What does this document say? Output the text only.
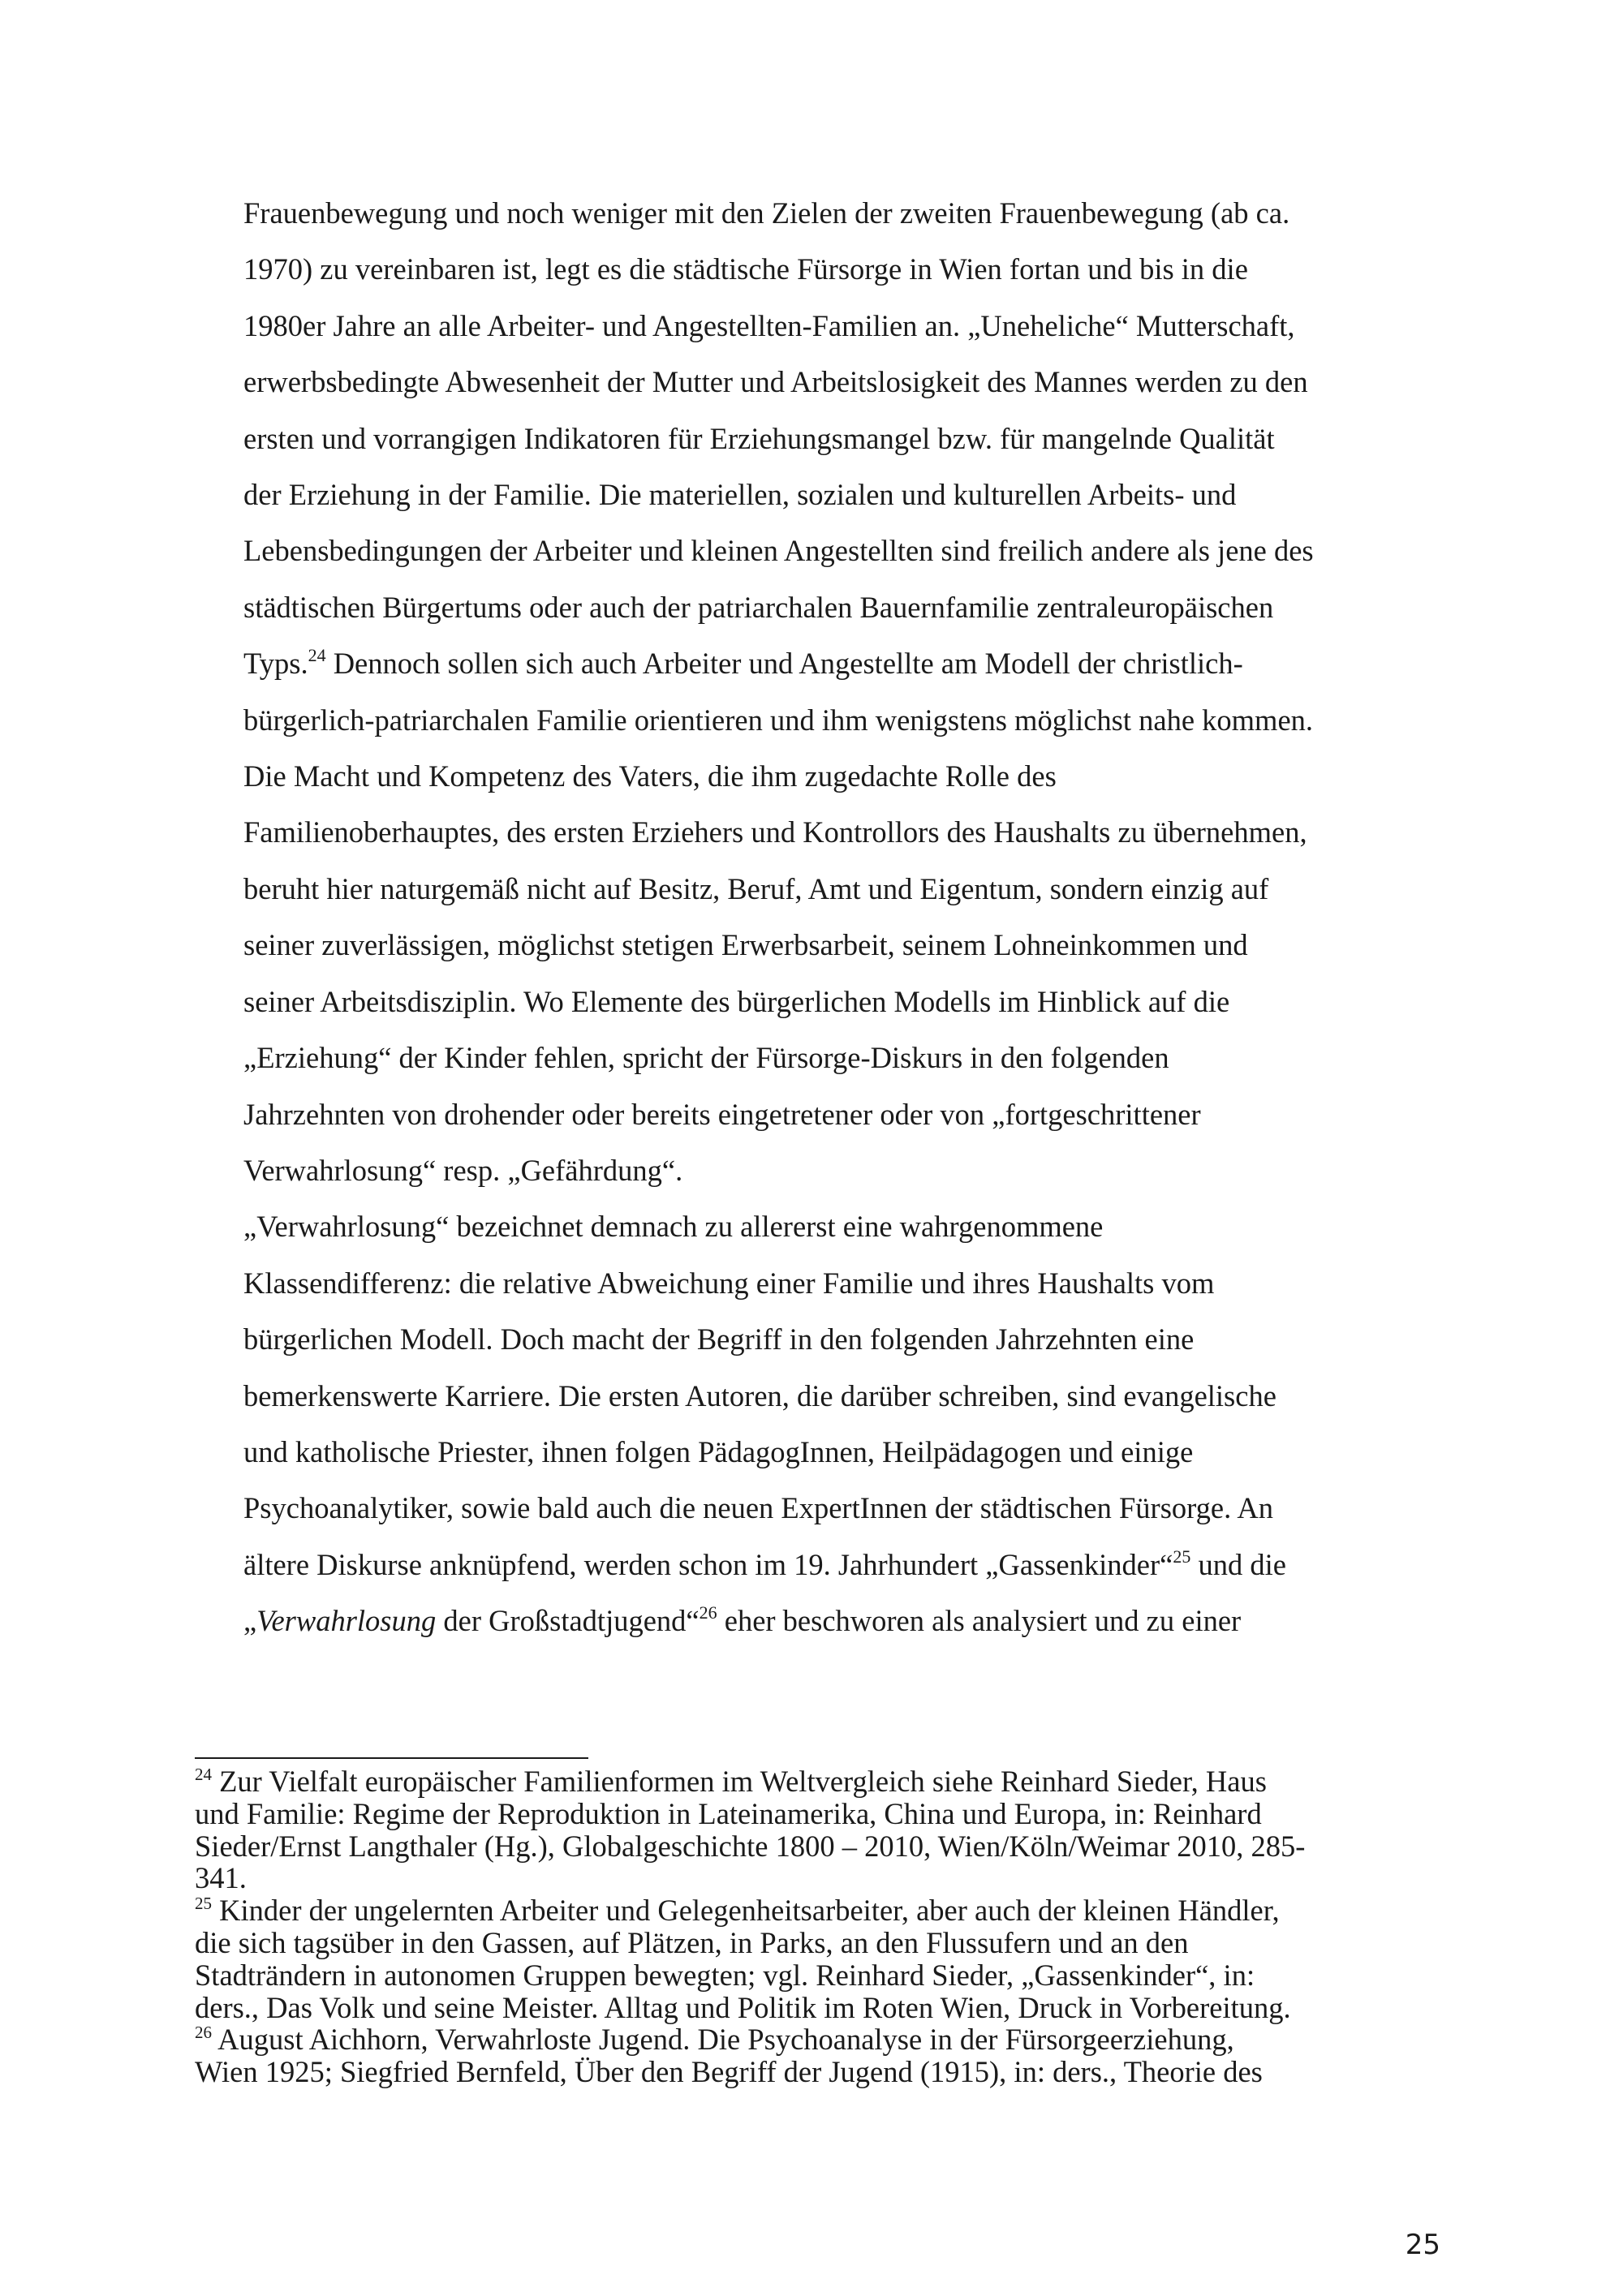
Frauenbewegung und noch weniger mit den Zielen der zweiten Frauenbewegung (ab ca.
1970) zu vereinbaren ist, legt es die städtische Fürsorge in Wien fortan und bis in die
1980er Jahre an alle Arbeiter- und Angestellten-Familien an. „Uneheliche“ Mutterschaft,
erwerbsbedingte Abwesenheit der Mutter und Arbeitslosigkeit des Mannes werden zu den
ersten und vorrangigen Indikatoren für Erziehungsmangel bzw. für mangelnde Qualität
der Erziehung in der Familie. Die materiellen, sozialen und kulturellen Arbeits- und
Lebensbedingungen der Arbeiter und kleinen Angestellten sind freilich andere als jene des
städtischen Bürgertums oder auch der patriarchalen Bauernfamilie zentraleuropäischen
Typs.$^{24}$ Dennoch sollen sich auch Arbeiter und Angestellte am Modell der christlich-
bürgerlich-patriarchalen Familie orientieren und ihm wenigstens möglichst nahe kommen.
Die Macht und Kompetenz des Vaters, die ihm zugedachte Rolle des
Familienoberhauptes, des ersten Erziehers und Kontrollors des Haushalts zu übernehmen,
beruht hier naturgemäß nicht auf Besitz, Beruf, Amt und Eigentum, sondern einzig auf
seiner zuverlässigen, möglichst stetigen Erwerbsarbeit, seinem Lohneinkommen und
seiner Arbeitsdisziplin. Wo Elemente des bürgerlichen Modells im Hinblick auf die
„Erziehung“ der Kinder fehlen, spricht der Fürsorge-Diskurs in den folgenden
Jahrzehnten von drohender oder bereits eingetretener oder von „fortgeschrittener
Verwahrlosung“ resp. „Gefährdung“.
„Verwahrlosung“ bezeichnet demnach zu allererst eine wahrgenommene
Klassendifferenz: die relative Abweichung einer Familie und ihres Haushalts vom
bürgerlichen Modell. Doch macht der Begriff in den folgenden Jahrzehnten eine
bemerkenswerte Karriere. Die ersten Autoren, die darüber schreiben, sind evangelische
und katholische Priester, ihnen folgen PädagogInnen, Heilpädagogen und einige
Psychoanalytiker, sowie bald auch die neuen ExpertInnen der städtischen Fürsorge. An
ältere Diskurse anknüpfend, werden schon im 19. Jahrhundert „Gassenkinder“$^{25}$ und die
„Verwahrlosung der Großstadtjugend“$^{26}$ eher beschworen als analysiert und zu einer
$^{24}$ Zur Vielfalt europäischer Familienformen im Weltvergleich siehe Reinhard Sieder, Haus
und Familie: Regime der Reproduktion in Lateinamerika, China und Europa, in: Reinhard
Sieder/Ernst Langthaler (Hg.), Globalgeschichte 1800 – 2010, Wien/Köln/Weimar 2010, 285-
341.
$^{25}$ Kinder der ungelernten Arbeiter und Gelegenheitsarbeiter, aber auch der kleinen Händler,
die sich tagsüber in den Gassen, auf Plätzen, in Parks, an den Flussufern und an den
Stadträndern in autonomen Gruppen bewegten; vgl. Reinhard Sieder, „Gassenkinder“, in:
ders., Das Volk und seine Meister. Alltag und Politik im Roten Wien, Druck in Vorbereitung.
$^{26}$ August Aichhorn, Verwahrloste Jugend. Die Psychoanalyse in der Fürsorgeerziehung,
Wien 1925; Siegfried Bernfeld, Über den Begriff der Jugend (1915), in: ders., Theorie des
25
